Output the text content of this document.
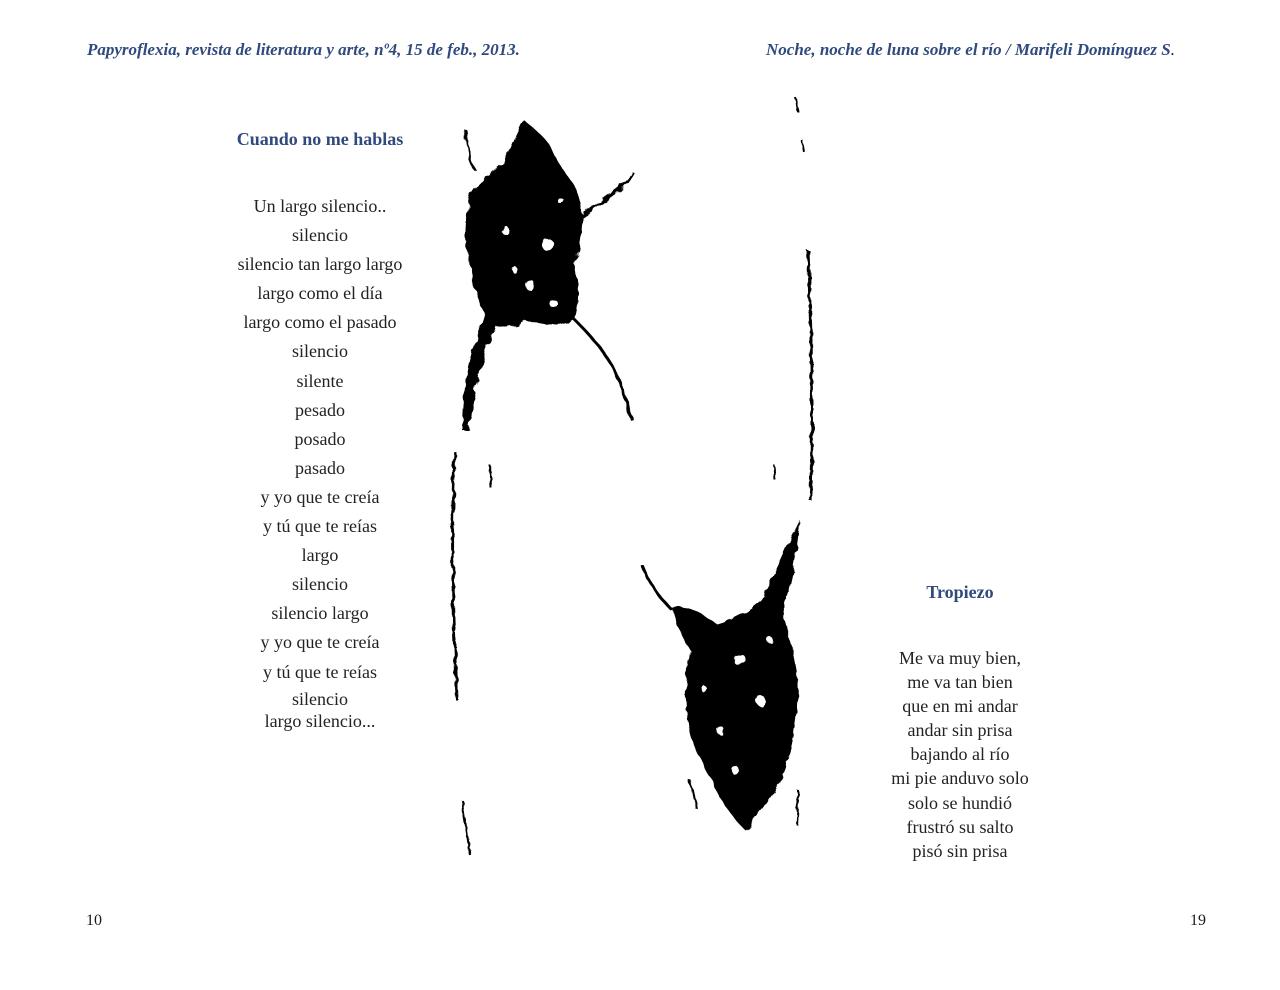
Papyroflexia, revista de literatura y arte, nº4, 15 de feb., 2013.	Noche, noche de luna sobre el río / Marifeli Domínguez S.
Cuando no me hablas
Un largo silencio..
silencio
silencio tan largo largo
largo como el día
largo como el pasado
silencio
silente
pesado
posado
pasado
y yo que te creía
y tú que te reías
largo
silencio
silencio largo
y yo que te creía
y tú que te reías
silencio
largo silencio...
Tropiezo
Me va muy bien,
me va tan bien
que en mi andar
andar sin prisa
bajando al río
mi pie anduvo solo
solo se hundió
frustró su salto
pisó sin prisa
10	19
